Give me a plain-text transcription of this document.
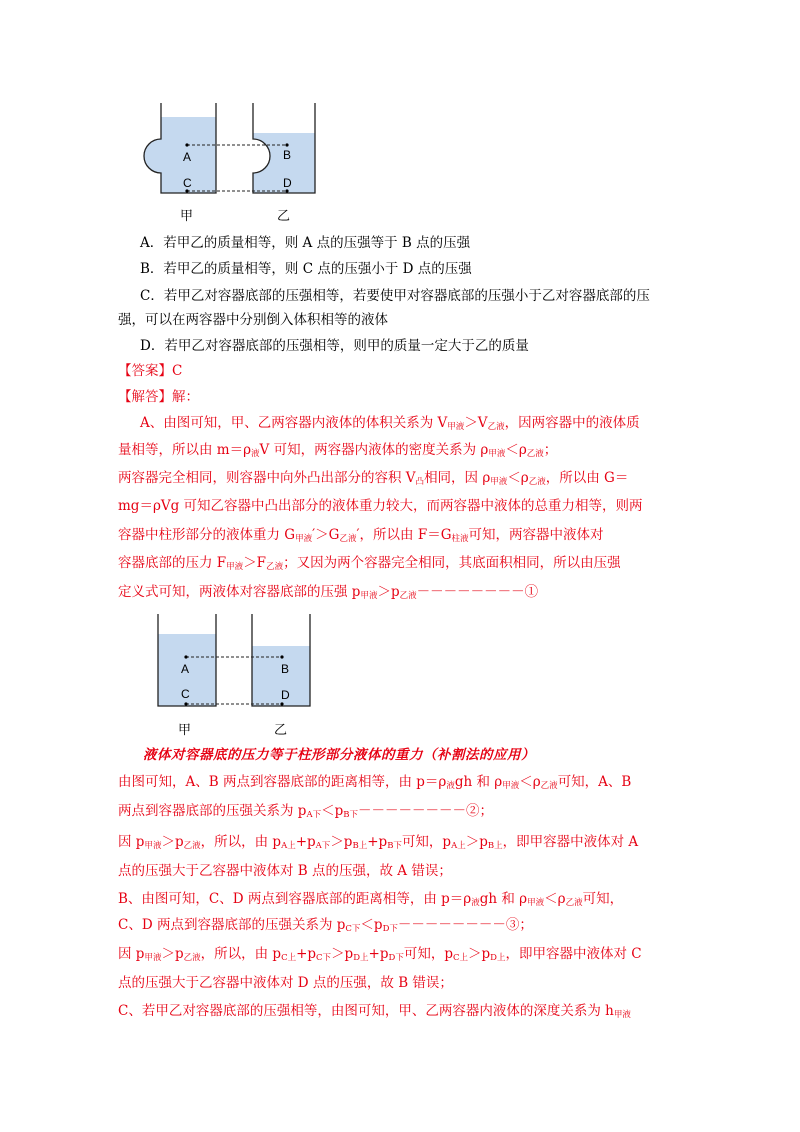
A	B
C	D
甲	乙
A．若甲乙的质量相等，则 A 点的压强等于 B 点的压强
B．若甲乙的质量相等，则 C 点的压强小于 D 点的压强
C．若甲乙对容器底部的压强相等，若要使甲对容器底部的压强小于乙对容器底部的压
强，可以在两容器中分别倒入体积相等的液体
D．若甲乙对容器底部的压强相等，则甲的质量一定大于乙的质量
【答案】C
【解答】解：
A、由图可知，甲、乙两容器内液体的体积关系为 $V_{甲液}>V_{乙液}$，因两容器中的液体质
量相等，所以由 $m=\rho_液V$ 可知，两容器内液体的密度关系为 $\rho_{甲液}<\rho_{乙液}$；
两容器完全相同，则容器中向外凸出部分的容积 $V_凸$相同，因 $\rho_{甲液}<\rho_{乙液}$，所以由 G＝
mg＝ρVg 可知乙容器中凸出部分的液体重力较大，而两容器中液体的总重力相等，则两
容器中柱形部分的液体重力 $G_{甲液}'>G_{乙液}'$，所以由 $F=G_{柱液}$可知，两容器中液体对
容器底部的压力 $F_{甲液}>F_{乙液}$；又因为两个容器完全相同，其底面积相同，所以由压强
定义式可知，两液体对容器底部的压强 $p_{甲液}>p_{乙液}--------①$
A	B
C	D
甲	乙
液体对容器底的压力等于柱形部分液体的重力（补割法的应用）
由图可知，A、B 两点到容器底部的距离相等，由 $p=\rho_液gh$ 和 $\rho_{甲液}<\rho_{乙液}$可知，A、B
两点到容器底部的压强关系为 $p_{A下}<p_{B下}--------②$；
因 $p_{甲液}>p_{乙液}$，所以，由 $p_{A上}+p_{A下}>p_{B上}+p_{B下}$可知，$p_{A上}>p_{B上}$，即甲容器中液体对 A
点的压强大于乙容器中液体对 B 点的压强，故 A 错误；
B、由图可知，C、D 两点到容器底部的距离相等，由 $p=\rho_液gh$ 和 $\rho_{甲液}<\rho_{乙液}$可知，
C、D 两点到容器底部的压强关系为 $p_{C下}<p_{D下}--------③$；
因 $p_{甲液}>p_{乙液}$，所以，由 $p_{C上}+p_{C下}>p_{D上}+p_{D下}$可知，$p_{C上}>p_{D上}$，即甲容器中液体对 C
点的压强大于乙容器中液体对 D 点的压强，故 B 错误；
C、若甲乙对容器底部的压强相等，由图可知，甲、乙两容器内液体的深度关系为 $h_{甲液}$
